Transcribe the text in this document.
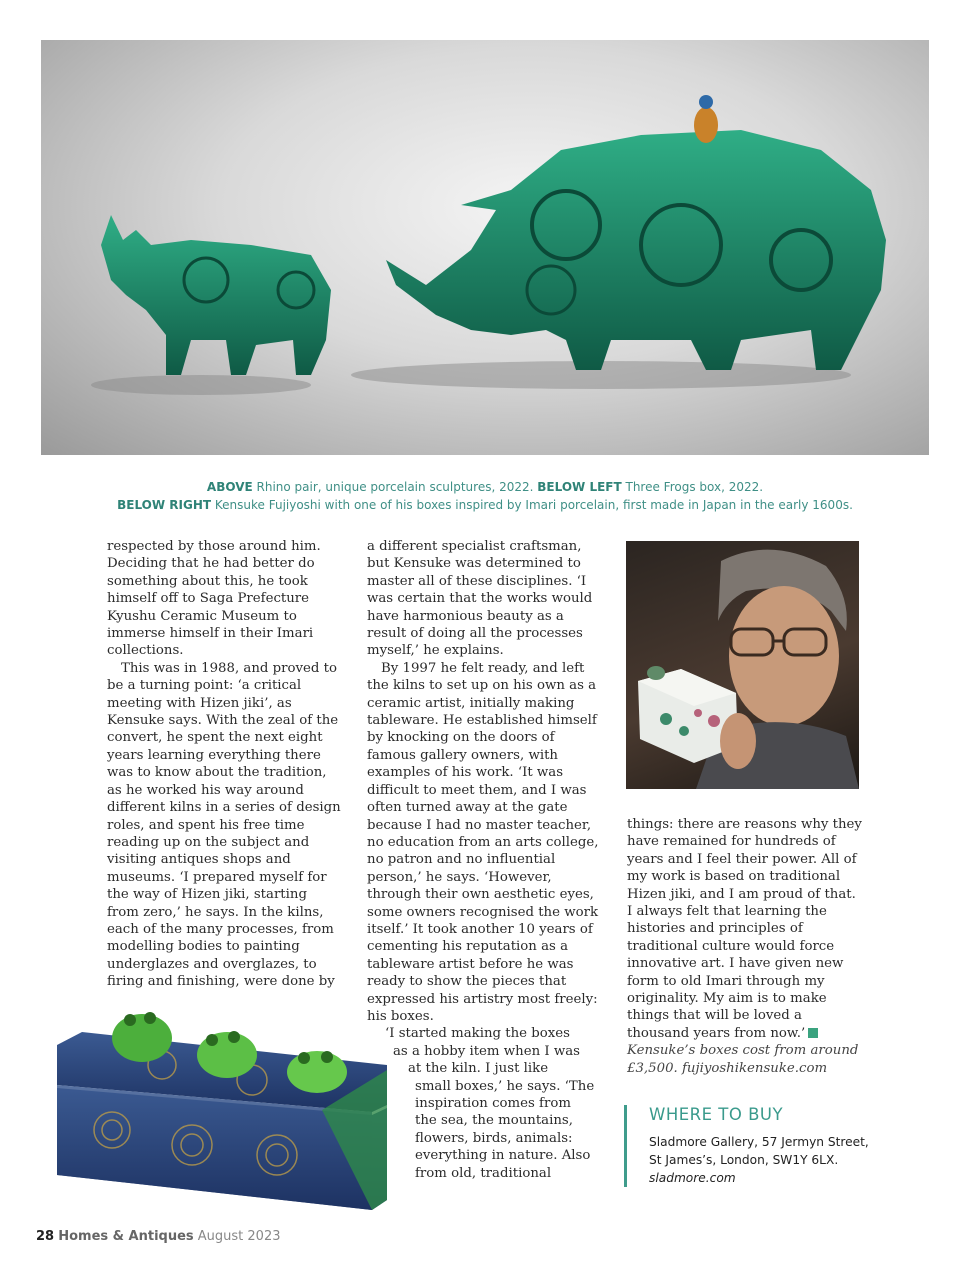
ABOVE Rhino pair, unique porcelain sculptures, 2022. BELOW LEFT Three Frogs box, 2022.
BELOW RIGHT Kensuke Fujiyoshi with one of his boxes inspired by Imari porcelain, first made in Japan in the early 1600s.

respected by those around him. Deciding that he had better do something about this, he took himself off to Saga Prefecture Kyushu Ceramic Museum to immerse himself in their Imari collections.

This was in 1988, and proved to be a turning point: ‘a critical meeting with Hizen jiki’, as Kensuke says. With the zeal of the convert, he spent the next eight years learning everything there was to know about the tradition, as he worked his way around different kilns in a series of design roles, and spent his free time reading up on the subject and visiting antiques shops and museums. ‘I prepared myself for the way of Hizen jiki, starting from zero,’ he says. In the kilns, each of the many processes, from modelling bodies to painting underglazes and overglazes, to firing and finishing, were done by

a different specialist craftsman, but Kensuke was determined to master all of these disciplines. ‘I was certain that the works would have harmonious beauty as a result of doing all the processes myself,’ he explains.

By 1997 he felt ready, and left the kilns to set up on his own as a ceramic artist, initially making tableware. He established himself by knocking on the doors of famous gallery owners, with examples of his work. ‘It was difficult to meet them, and I was often turned away at the gate because I had no master teacher, no education from an arts college, no patron and no influential person,’ he says. ‘However, through their own aesthetic eyes, some owners recognised the work itself.’ It took another 10 years of cementing his reputation as a tableware artist before he was ready to show the pieces that expressed his artistry most freely: his boxes.

‘I started making the boxes
as a hobby item when I was
at the kiln. I just like
small boxes,’ he says. ‘The
inspiration comes from
the sea, the mountains,
flowers, birds, animals:
everything in nature. Also
from old, traditional

things: there are reasons why they have remained for hundreds of years and I feel their power. All of my work is based on traditional Hizen jiki, and I am proud of that. I always felt that learning the histories and principles of traditional culture would force innovative art. I have given new form to old Imari through my originality. My aim is to make things that will be loved a thousand years from now.’

Kensuke’s boxes cost from around

£3,500. fujiyoshikensuke.com

WHERE TO BUY

Sladmore Gallery, 57 Jermyn Street,

St James’s, London, SW1Y 6LX.

sladmore.com

28 Homes & Antiques August 2023
